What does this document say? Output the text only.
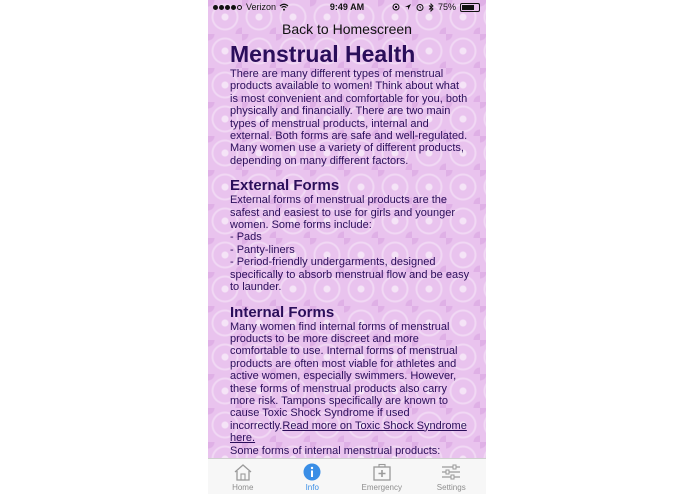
Verizon	9:49 AM	75%
Back to Homescreen
Menstrual Health

There are many different types of menstrual products available to women! Think about what is most convenient and comfortable for you, both physically and financially. There are two main types of menstrual products, internal and external. Both forms are safe and well-regulated. Many women use a variety of different products, depending on many different factors.

External Forms

External forms of menstrual products are the safest and easiest to use for girls and younger women. Some forms include:

- Pads

- Panty-liners

- Period-friendly undergarments, designed specifically to absorb menstrual flow and be easy to launder.

Internal Forms

Many women find internal forms of menstrual products to be more discreet and more comfortable to use. Internal forms of menstrual products are often most viable for athletes and active women, especially swimmers. However, these forms of menstrual products also carry more risk. Tampons specifically are known to cause Toxic Shock Syndrome if used incorrectly.Read more on Toxic Shock Syndrome here.

Some forms of internal menstrual products:

Home	Info	Emergency	Settings
